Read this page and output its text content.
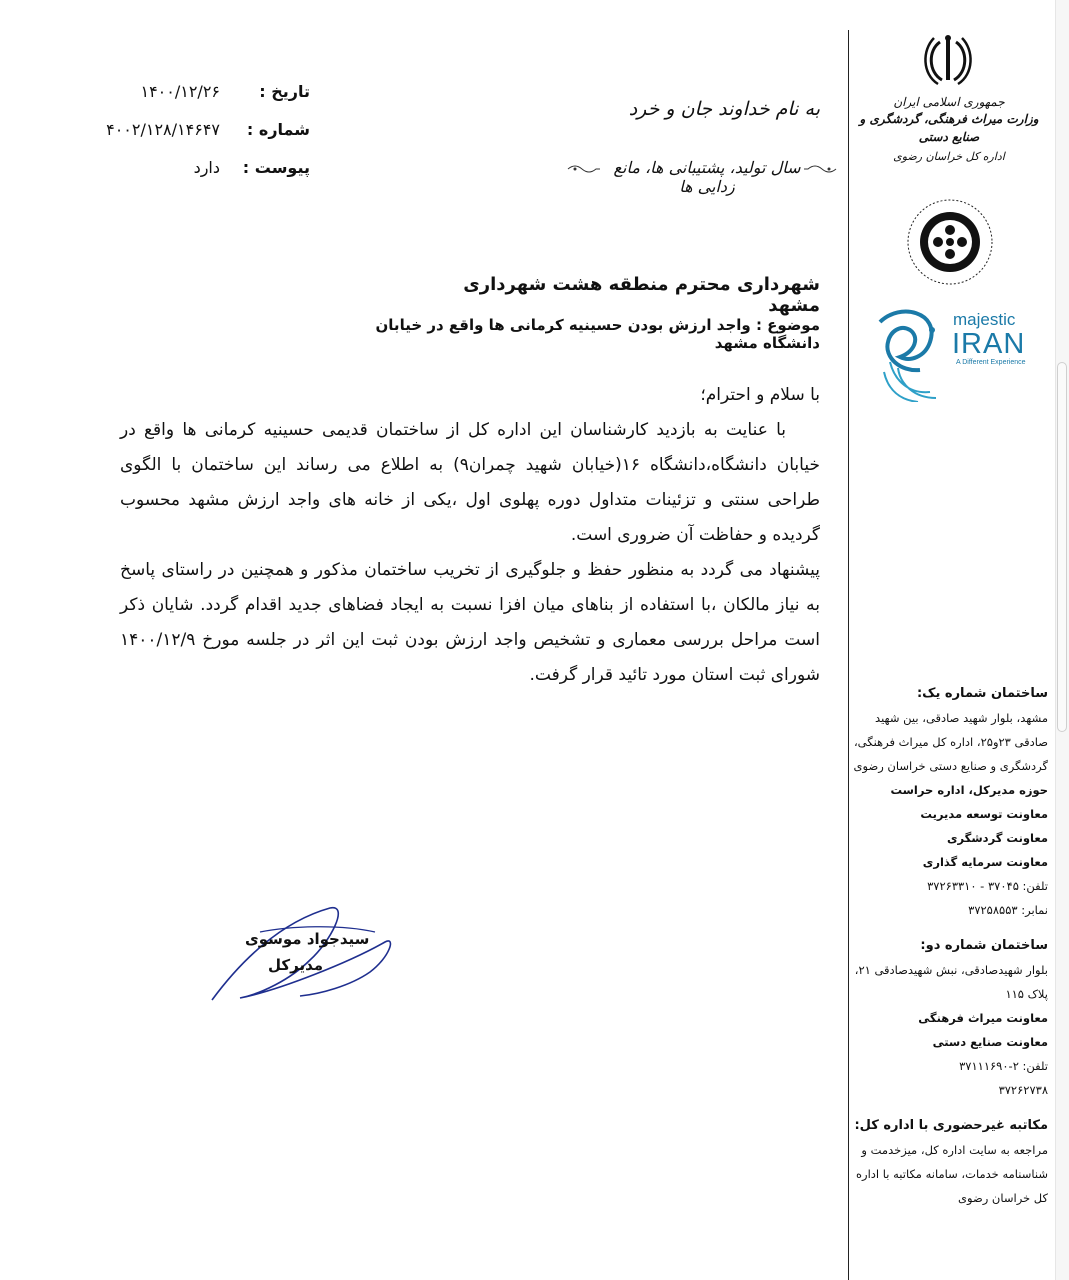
تاریخ :
۱۴۰۰/۱۲/۲۶
شماره :
۴۰۰۲/۱۲۸/۱۴۶۴۷
پیوست :
دارد
به نام خداوند جان و خرد
سال تولید، پشتیبانی ها، مانع زدایی ها
شهرداری محترم منطقه هشت شهرداری مشهد
موضوع : واجد ارزش بودن حسینیه کرمانی ها واقع در خیابان دانشگاه مشهد
با سلام و احترام؛
با عنایت به بازدید کارشناسان این اداره کل از ساختمان قدیمی حسینیه کرمانی ها واقع در خیابان دانشگاه،دانشگاه ۱۶(خیابان شهید چمران۹) به اطلاع می رساند این ساختمان با الگوی طراحی سنتی و تزئینات متداول دوره پهلوی اول ،یکی از خانه های واجد ارزش مشهد محسوب گردیده و حفاظت آن ضروری است.
پیشنهاد می گردد به منظور حفظ و جلوگیری از تخریب ساختمان مذکور و همچنین در راستای پاسخ به نیاز مالکان ،با استفاده از بناهای میان افزا نسبت به ایجاد فضاهای جدید اقدام گردد. شایان ذکر است مراحل بررسی معماری و تشخیص واجد ارزش بودن ثبت این اثر در جلسه مورخ ۱۴۰۰/۱۲/۹ شورای ثبت استان مورد تائید قرار گرفت.
سیدجواد موسوی
مدیرکل
جمهوری اسلامی ایران
وزارت میراث فرهنگی، گردشگری و صنایع دستی
اداره کل خراسان رضوی
majestic
IRAN
A Different Experience
ساختمان شماره یک:
مشهد، بلوار شهید صادقی، بین شهید صادقی ۲۳و۲۵، اداره کل میراث فرهنگی، گردشگری و صنایع دستی خراسان رضوی
حوزه مدیرکل، اداره حراست
معاونت توسعه مدیریت
معاونت گردشگری
معاونت سرمایه گذاری
تلفن: ۳۷۰۴۵ - ۳۷۲۶۳۳۱۰
نمابر: ۳۷۲۵۸۵۵۳
ساختمان شماره دو:
بلوار شهیدصادقی، نبش شهیدصادقی ۲۱، پلاک ۱۱۵
معاونت میراث فرهنگی
معاونت صنایع دستی
تلفن: ۲-۳۷۱۱۱۶۹۰
۳۷۲۶۲۷۳۸
مکاتبه غیرحضوری با اداره کل:
مراجعه به سایت اداره کل، میزخدمت و شناسنامه خدمات، سامانه مکاتبه با اداره کل خراسان رضوی
